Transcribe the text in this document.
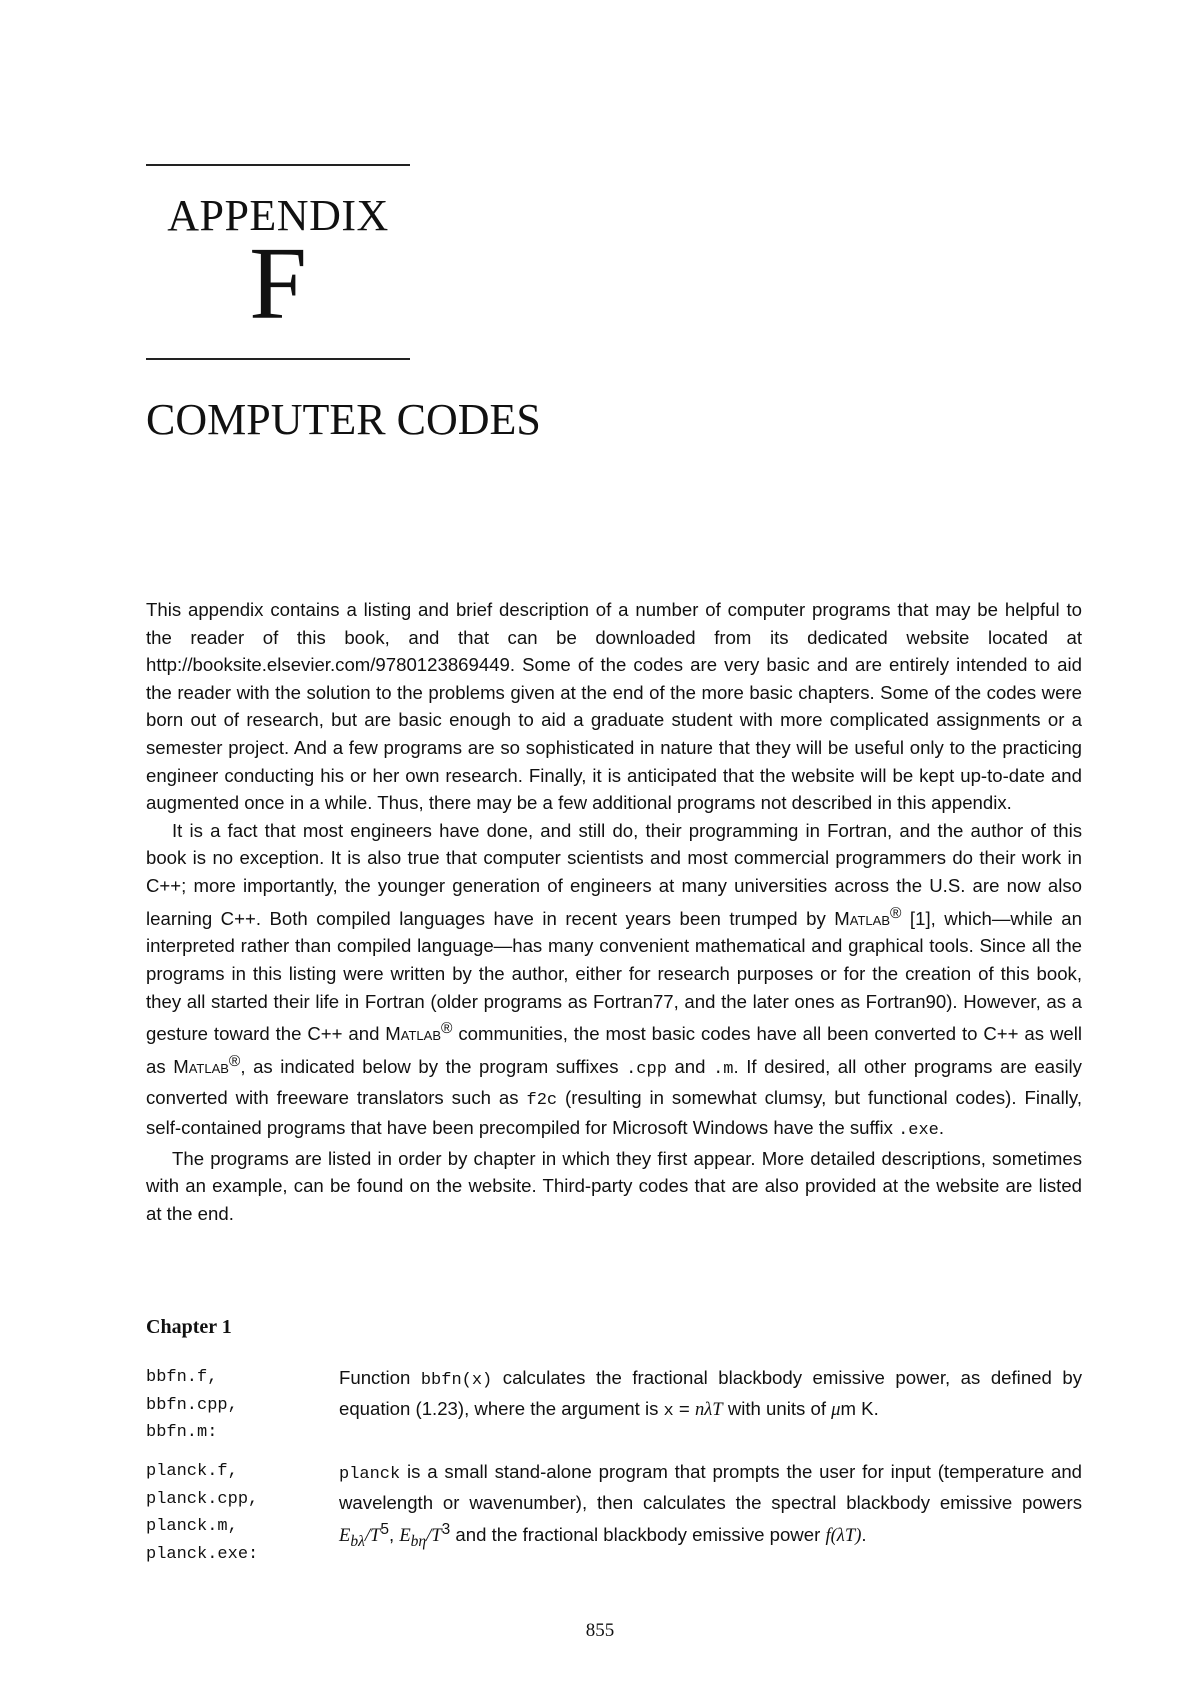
APPENDIX
F
COMPUTER CODES

This appendix contains a listing and brief description of a number of computer programs that may be helpful to the reader of this book, and that can be downloaded from its dedicated website located at http://booksite.elsevier.com/9780123869449. Some of the codes are very basic and are entirely intended to aid the reader with the solution to the problems given at the end of the more basic chapters. Some of the codes were born out of research, but are basic enough to aid a graduate student with more complicated assignments or a semester project. And a few programs are so sophisticated in nature that they will be useful only to the practicing engineer conducting his or her own research. Finally, it is anticipated that the website will be kept up-to-date and augmented once in a while. Thus, there may be a few additional programs not described in this appendix.

It is a fact that most engineers have done, and still do, their programming in Fortran, and the author of this book is no exception. It is also true that computer scientists and most commercial programmers do their work in C++; more importantly, the younger generation of engineers at many universities across the U.S. are now also learning C++. Both compiled languages have in recent years been trumped by Matlab® [1], which—while an interpreted rather than compiled language—has many convenient mathematical and graphical tools. Since all the programs in this listing were written by the author, either for research purposes or for the creation of this book, they all started their life in Fortran (older programs as Fortran77, and the later ones as Fortran90). However, as a gesture toward the C++ and Matlab® communities, the most basic codes have all been converted to C++ as well as Matlab®, as indicated below by the program suffixes .cpp and .m. If desired, all other programs are easily converted with freeware translators such as f2c (resulting in somewhat clumsy, but functional codes). Finally, self-contained programs that have been precompiled for Microsoft Windows have the suffix .exe.

The programs are listed in order by chapter in which they first appear. More detailed descriptions, sometimes with an example, can be found on the website. Third-party codes that are also provided at the website are listed at the end.

Chapter 1
bbfn.f,
bbfn.cpp,
bbfn.m:
Function bbfn(x) calculates the fractional blackbody emissive power, as defined by equation (1.23), where the argument is x = nλT with units of μm K.
planck.f,
planck.cpp,
planck.m,
planck.exe:
planck is a small stand-alone program that prompts the user for input (temperature and wavelength or wavenumber), then calculates the spectral blackbody emissive powers $E_{b\lambda}/T^5$, $E_{b\eta}/T^3$ and the fractional blackbody emissive power f(λT).
855
